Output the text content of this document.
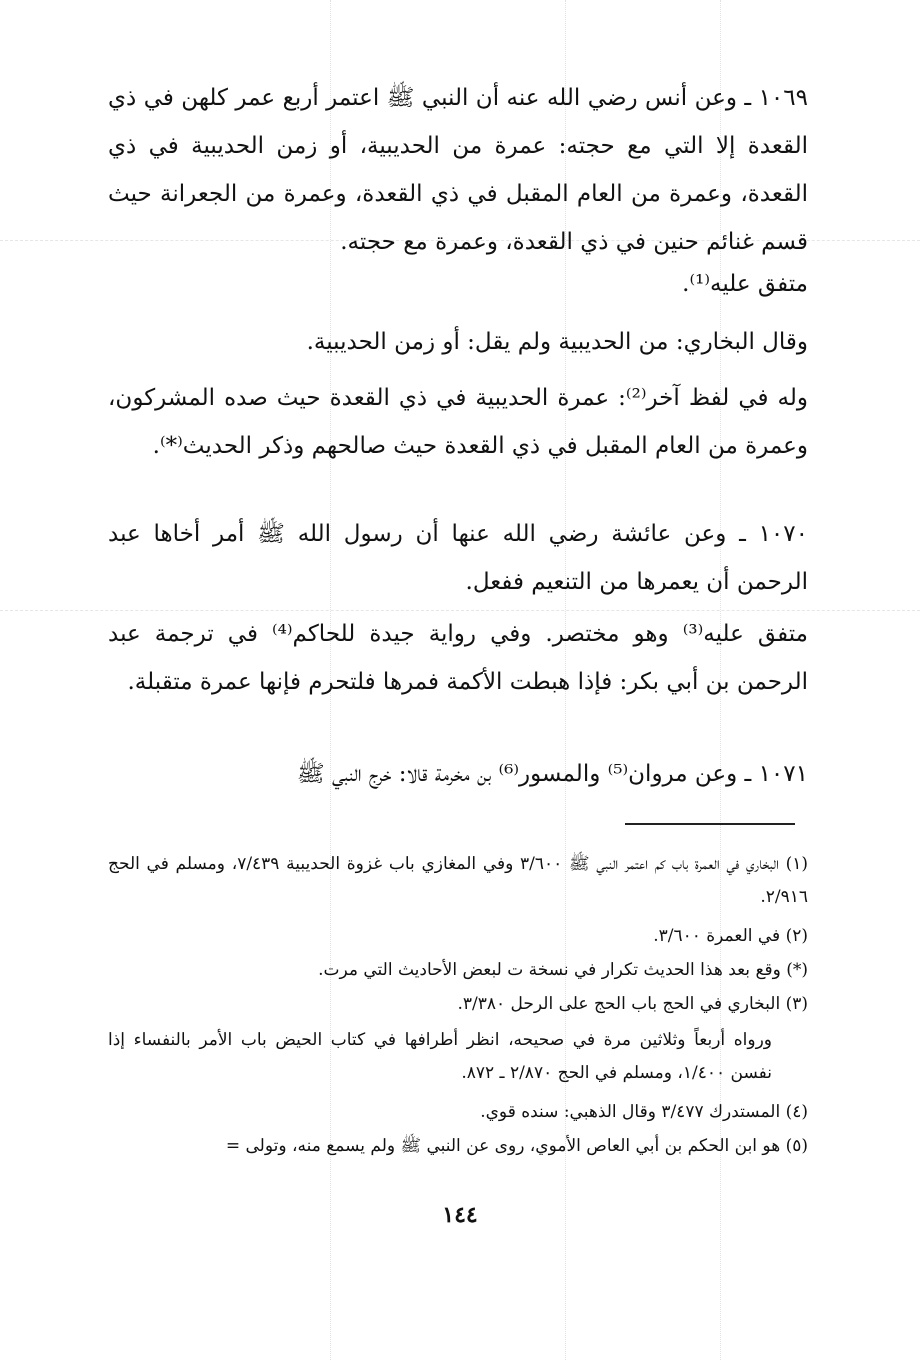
١٠٦٩ ـ وعن أنس رضي الله عنه أن النبي ﷺ اعتمر أربع عمر كلهن في ذي القعدة إلا التي مع حجته: عمرة من الحديبية، أو زمن الحديبية في ذي القعدة، وعمرة من العام المقبل في ذي القعدة، وعمرة من الجعرانة حيث قسم غنائم حنين في ذي القعدة، وعمرة مع حجته.

متفق عليه⁽¹⁾.

وقال البخاري: من الحديبية ولم يقل: أو زمن الحديبية.

وله في لفظ آخر⁽²⁾: عمرة الحديبية في ذي القعدة حيث صده المشركون، وعمرة من العام المقبل في ذي القعدة حيث صالحهم وذكر الحديث⁽*⁾.

١٠٧٠ ـ وعن عائشة رضي الله عنها أن رسول الله ﷺ أمر أخاها عبد الرحمن أن يعمرها من التنعيم ففعل.

متفق عليه⁽³⁾ وهو مختصر. وفي رواية جيدة للحاكم⁽⁴⁾ في ترجمة عبد الرحمن بن أبي بكر: فإذا هبطت الأكمة فمرها فلتحرم فإنها عمرة متقبلة.

١٠٧١ ـ وعن مروان⁽⁵⁾ والمسور⁽⁶⁾ بن مخرمة قالا: خرج النبي ﷺ

(١) البخاري في العمرة باب كم اعتمر النبي ﷺ ٣/٦٠٠ وفي المغازي باب غزوة الحديبية ٧/٤٣٩، ومسلم في الحج ٢/٩١٦.

(٢) في العمرة ٣/٦٠٠.

(*) وقع بعد هذا الحديث تكرار في نسخة ت لبعض الأحاديث التي مرت.

(٣) البخاري في الحج باب الحج على الرحل ٣/٣٨٠.

ورواه أربعاً وثلاثين مرة في صحيحه، انظر أطرافها في كتاب الحيض باب الأمر بالنفساء إذا نفسن ١/٤٠٠، ومسلم في الحج ٢/٨٧٠ ـ ٨٧٢.

(٤) المستدرك ٣/٤٧٧ وقال الذهبي: سنده قوي.

(٥) هو ابن الحكم بن أبي العاص الأموي، روى عن النبي ﷺ ولم يسمع منه، وتولى =

١٤٤
